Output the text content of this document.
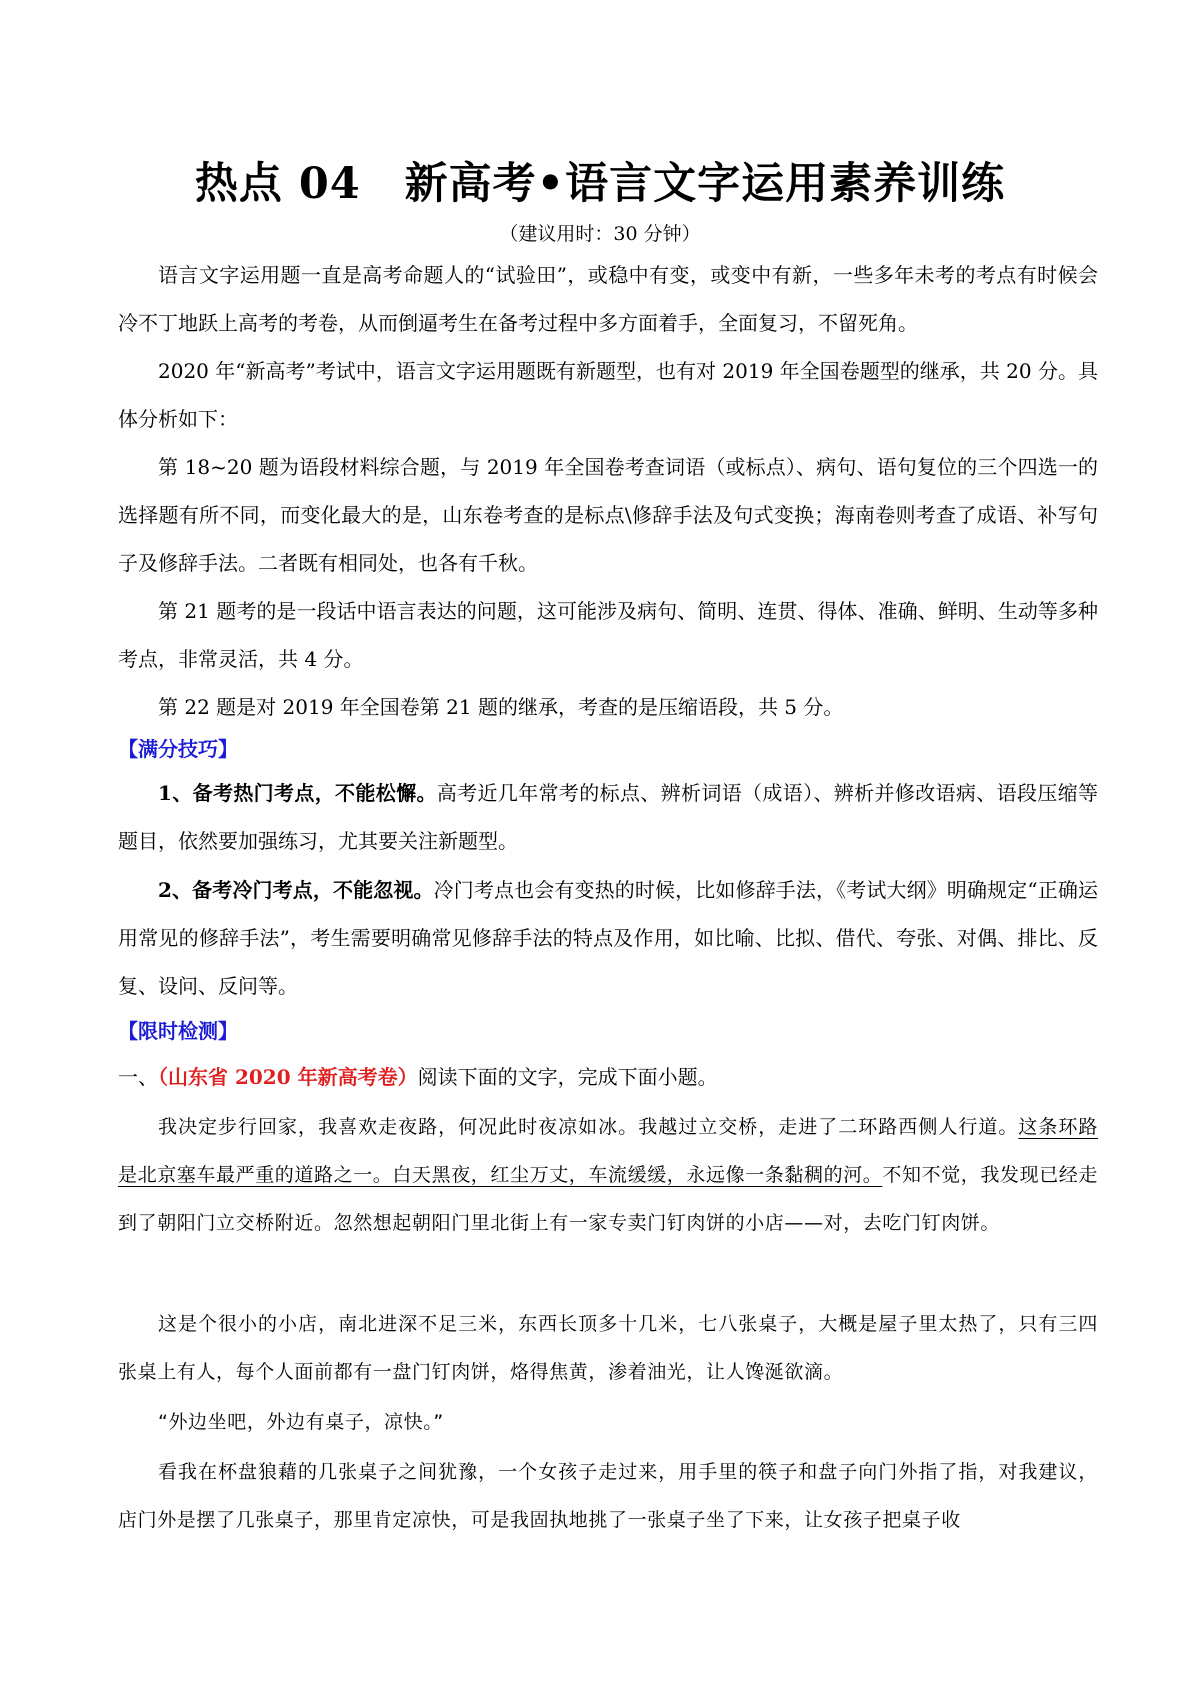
热点 04　新高考•语言文字运用素养训练
（建议用时：30 分钟）

语言文字运用题一直是高考命题人的“试验田”，或稳中有变，或变中有新，一些多年未考的考点有时候会冷不丁地跃上高考的考卷，从而倒逼考生在备考过程中多方面着手，全面复习，不留死角。

2020 年“新高考”考试中，语言文字运用题既有新题型，也有对 2019 年全国卷题型的继承，共 20 分。具体分析如下：

第 18~20 题为语段材料综合题，与 2019 年全国卷考查词语（或标点）、病句、语句复位的三个四选一的选择题有所不同，而变化最大的是，山东卷考查的是标点\修辞手法及句式变换；海南卷则考查了成语、补写句子及修辞手法。二者既有相同处，也各有千秋。

第 21 题考的是一段话中语言表达的问题，这可能涉及病句、简明、连贯、得体、准确、鲜明、生动等多种考点，非常灵活，共 4 分。

第 22 题是对 2019 年全国卷第 21 题的继承，考查的是压缩语段，共 5 分。

【满分技巧】

1、备考热门考点，不能松懈。高考近几年常考的标点、辨析词语（成语）、辨析并修改语病、语段压缩等题目，依然要加强练习，尤其要关注新题型。

2、备考冷门考点，不能忽视。冷门考点也会有变热的时候，比如修辞手法，《考试大纲》明确规定“正确运用常见的修辞手法”，考生需要明确常见修辞手法的特点及作用，如比喻、比拟、借代、夸张、对偶、排比、反复、设问、反问等。

【限时检测】

一、（山东省 2020 年新高考卷）阅读下面的文字，完成下面小题。

我决定步行回家，我喜欢走夜路，何况此时夜凉如冰。我越过立交桥，走进了二环路西侧人行道。这条环路是北京塞车最严重的道路之一。白天黑夜，红尘万丈，车流缓缓，永远像一条黏稠的河。不知不觉，我发现已经走到了朝阳门立交桥附近。忽然想起朝阳门里北街上有一家专卖门钉肉饼的小店——对，去吃门钉肉饼。

这是个很小的小店，南北进深不足三米，东西长顶多十几米，七八张桌子，大概是屋子里太热了，只有三四张桌上有人，每个人面前都有一盘门钉肉饼，烙得焦黄，渗着油光，让人馋涎欲滴。

“外边坐吧，外边有桌子，凉快。”

看我在杯盘狼藉的几张桌子之间犹豫，一个女孩子走过来，用手里的筷子和盘子向门外指了指，对我建议，店门外是摆了几张桌子，那里肯定凉快，可是我固执地挑了一张桌子坐了下来，让女孩子把桌子收
